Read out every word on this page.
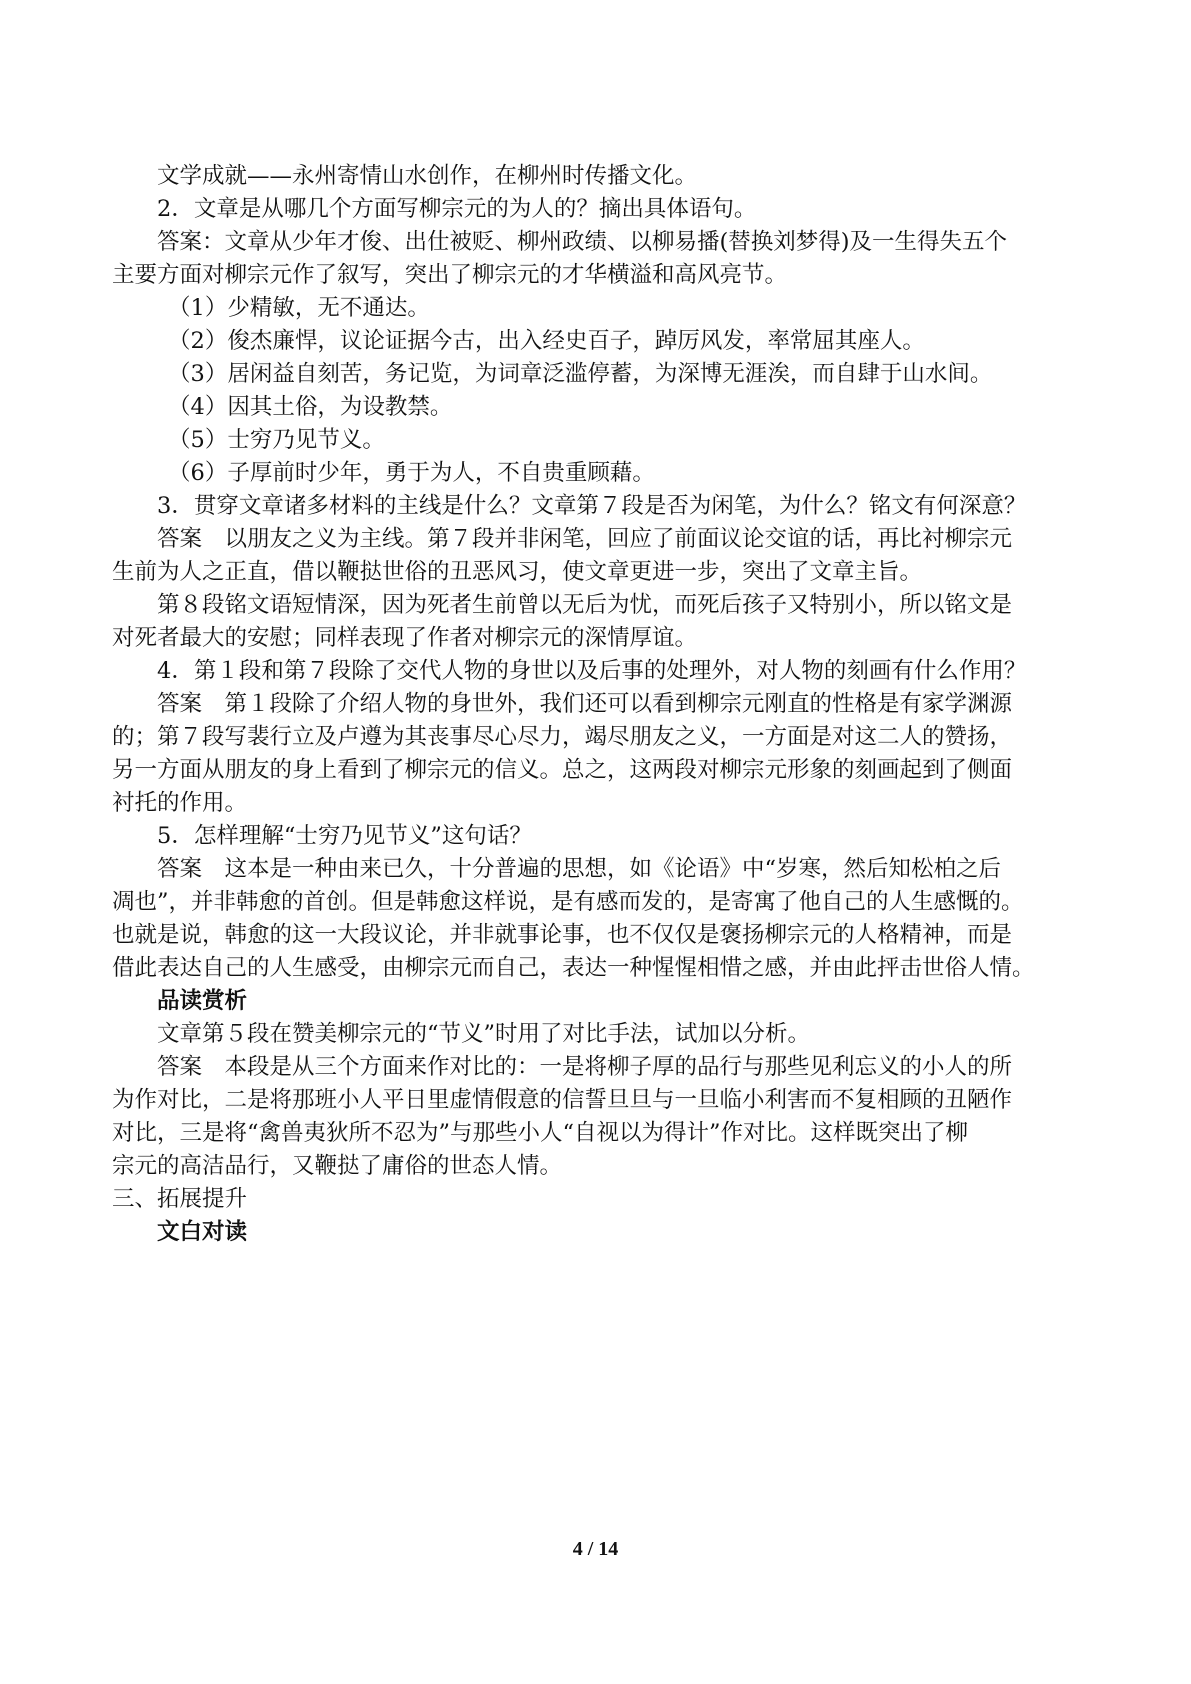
文学成就——永州寄情山水创作，在柳州时传播文化。

2．文章是从哪几个方面写柳宗元的为人的？摘出具体语句。

答案：文章从少年才俊、出仕被贬、柳州政绩、以柳易播(替换刘梦得)及一生得失五个

主要方面对柳宗元作了叙写，突出了柳宗元的才华横溢和高风亮节。

（1）少精敏，无不通达。

（2）俊杰廉悍，议论证据今古，出入经史百子，踔厉风发，率常屈其座人。

（3）居闲益自刻苦，务记览，为词章泛滥停蓄，为深博无涯涘，而自肆于山水间。

（4）因其土俗，为设教禁。

（5）士穷乃见节义。

（6）子厚前时少年，勇于为人，不自贵重顾藉。

3．贯穿文章诸多材料的主线是什么？文章第７段是否为闲笔，为什么？铭文有何深意？

答案　以朋友之义为主线。第７段并非闲笔，回应了前面议论交谊的话，再比衬柳宗元

生前为人之正直，借以鞭挞世俗的丑恶风习，使文章更进一步，突出了文章主旨。

第８段铭文语短情深，因为死者生前曾以无后为忧，而死后孩子又特别小，所以铭文是

对死者最大的安慰；同样表现了作者对柳宗元的深情厚谊。

4．第１段和第７段除了交代人物的身世以及后事的处理外，对人物的刻画有什么作用？

答案　第１段除了介绍人物的身世外，我们还可以看到柳宗元刚直的性格是有家学渊源

的；第７段写裴行立及卢遵为其丧事尽心尽力，竭尽朋友之义，一方面是对这二人的赞扬，

另一方面从朋友的身上看到了柳宗元的信义。总之，这两段对柳宗元形象的刻画起到了侧面

衬托的作用。

5．怎样理解“士穷乃见节义”这句话？

答案　这本是一种由来已久，十分普遍的思想，如《论语》中“岁寒，然后知松柏之后

凋也”，并非韩愈的首创。但是韩愈这样说，是有感而发的，是寄寓了他自己的人生感慨的。

也就是说，韩愈的这一大段议论，并非就事论事，也不仅仅是褒扬柳宗元的人格精神，而是

借此表达自己的人生感受，由柳宗元而自己，表达一种惺惺相惜之感，并由此抨击世俗人情。

品读赏析

文章第５段在赞美柳宗元的“节义”时用了对比手法，试加以分析。

答案　本段是从三个方面来作对比的：一是将柳子厚的品行与那些见利忘义的小人的所

为作对比，二是将那班小人平日里虚情假意的信誓旦旦与一旦临小利害而不复相顾的丑陋作

对比，三是将“禽兽夷狄所不忍为”与那些小人“自视以为得计”作对比。这样既突出了柳

宗元的高洁品行，又鞭挞了庸俗的世态人情。

三、拓展提升

文白对读

4 / 14
